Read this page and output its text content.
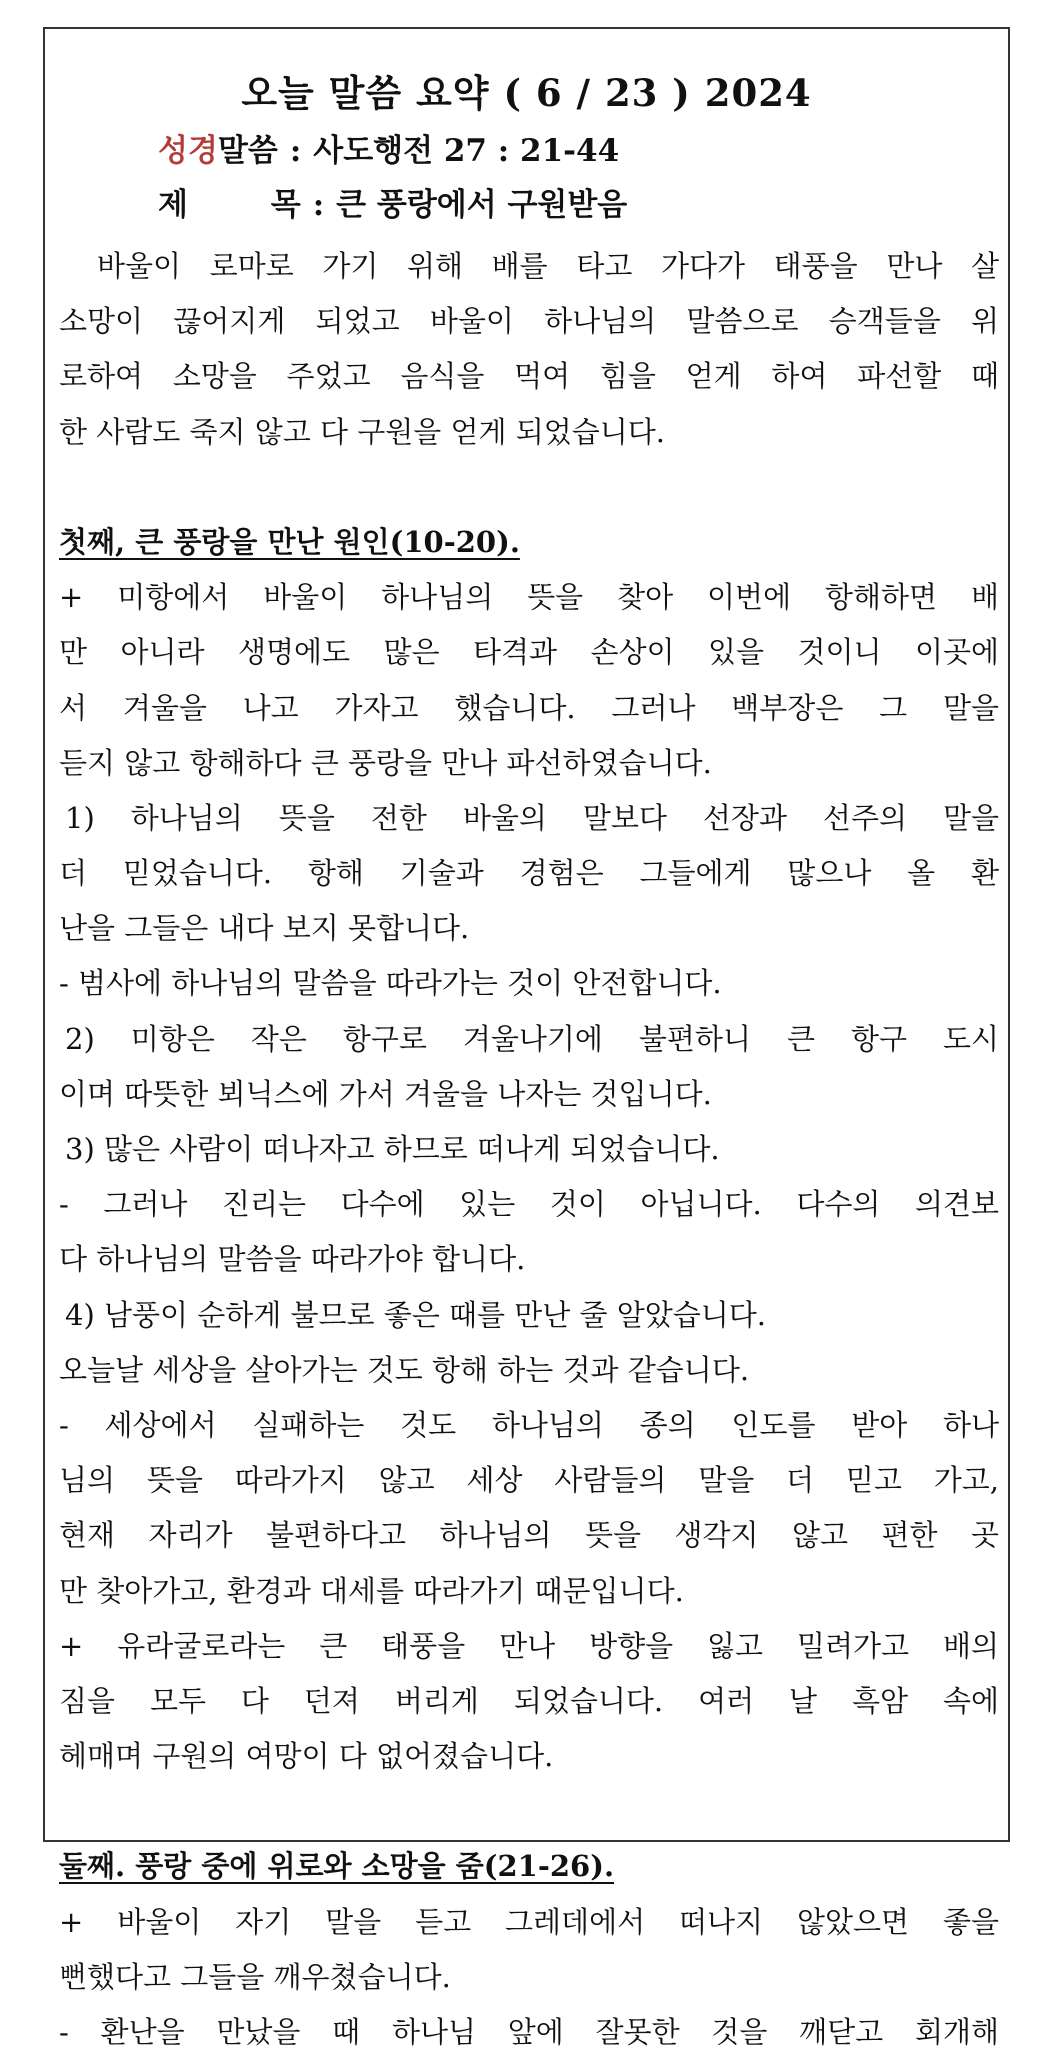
오늘 말씀 요약 ( 6 / 23 ) 2024
성경말씀 : 사도행전 27 : 21-44
제 목 : 큰 풍랑에서 구원받음
바울이 로마로 가기 위해 배를 타고 가다가 태풍을 만나 살
소망이 끊어지게 되었고 바울이 하나님의 말씀으로 승객들을 위
로하여 소망을 주었고 음식을 먹여 힘을 얻게 하여 파선할 때
한 사람도 죽지 않고 다 구원을 얻게 되었습니다.
첫째, 큰 풍랑을 만난 원인(10-20).
+ 미항에서 바울이 하나님의 뜻을 찾아 이번에 항해하면 배
만 아니라 생명에도 많은 타격과 손상이 있을 것이니 이곳에
서 겨울을 나고 가자고 했습니다. 그러나 백부장은 그 말을
듣지 않고 항해하다 큰 풍랑을 만나 파선하였습니다.
1) 하나님의 뜻을 전한 바울의 말보다 선장과 선주의 말을
더 믿었습니다. 항해 기술과 경험은 그들에게 많으나 올 환
난을 그들은 내다 보지 못합니다.
- 범사에 하나님의 말씀을 따라가는 것이 안전합니다.
2) 미항은 작은 항구로 겨울나기에 불편하니 큰 항구 도시
이며 따뜻한 뵈닉스에 가서 겨울을 나자는 것입니다.
3) 많은 사람이 떠나자고 하므로 떠나게 되었습니다.
- 그러나 진리는 다수에 있는 것이 아닙니다. 다수의 의견보
다 하나님의 말씀을 따라가야 합니다.
4) 남풍이 순하게 불므로 좋은 때를 만난 줄 알았습니다.
오늘날 세상을 살아가는 것도 항해 하는 것과 같습니다.
- 세상에서 실패하는 것도 하나님의 종의 인도를 받아 하나
님의 뜻을 따라가지 않고 세상 사람들의 말을 더 믿고 가고,
현재 자리가 불편하다고 하나님의 뜻을 생각지 않고 편한 곳
만 찾아가고, 환경과 대세를 따라가기 때문입니다.
+ 유라굴로라는 큰 태풍을 만나 방향을 잃고 밀려가고 배의
짐을 모두 다 던져 버리게 되었습니다. 여러 날 흑암 속에
헤매며 구원의 여망이 다 없어졌습니다.
둘째. 풍랑 중에 위로와 소망을 줌(21-26).
+ 바울이 자기 말을 듣고 그레데에서 떠나지 않았으면 좋을
뻔했다고 그들을 깨우쳤습니다.
- 환난을 만났을 때 하나님 앞에 잘못한 것을 깨닫고 회개해
